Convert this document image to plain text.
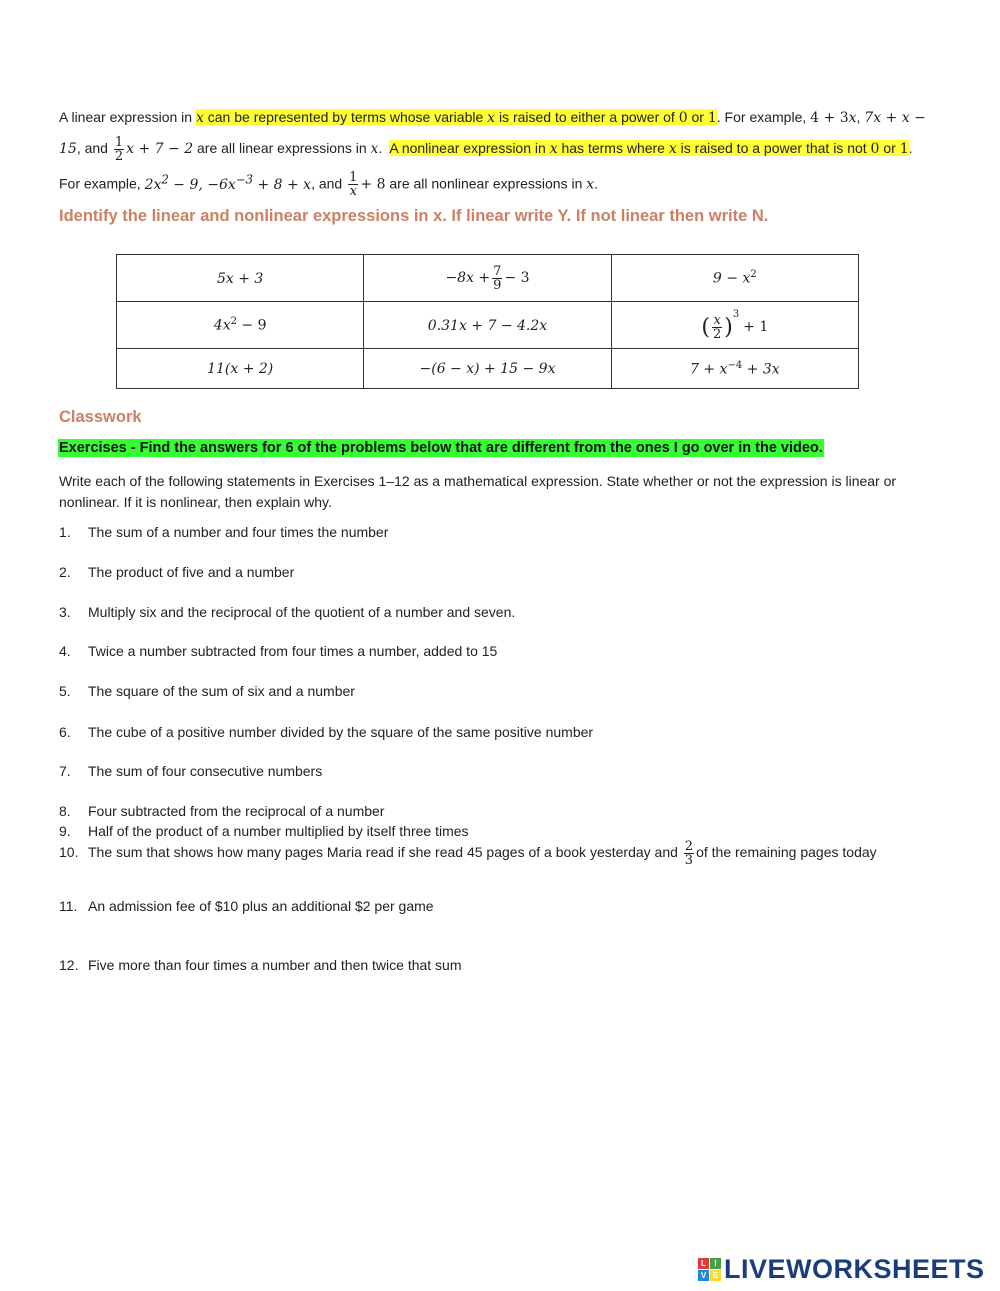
A linear expression in x can be represented by terms whose variable x is raised to either a power of 0 or 1. For example, 4 + 3x, 7x + x − 15, and $\frac{1}{2}$ x + 7 − 2 are all linear expressions in x. A nonlinear expression in x has terms where x is raised to a power that is not 0 or 1. For example, $2x^2 - 9$, $-6x^{-3} + 8 + x$, and $\frac{1}{x} + 8$ are all nonlinear expressions in x.
Identify the linear and nonlinear expressions in x. If linear write Y. If not linear then write N.
5x + 3	$-8x + \frac{7}{9} - 3$	$9 - x^2$
$4x^2 - 9$	0.31x + 7 − 4.2x	( $\frac{x}{2} )^3 + 1$
11(x + 2)	−(6 − x) + 15 − 9x	$7 + x^{-4} + 3x$
Classwork
Exercises - Find the answers for 6 of the problems below that are different from the ones I go over in the video.
Write each of the following statements in Exercises 1–12 as a mathematical expression. State whether or not the expression is linear or nonlinear. If it is nonlinear, then explain why.
1. The sum of a number and four times the number
2. The product of five and a number
3. Multiply six and the reciprocal of the quotient of a number and seven.
4. Twice a number subtracted from four times a number, added to 15
5. The square of the sum of six and a number
6. The cube of a positive number divided by the square of the same positive number
7. The sum of four consecutive numbers
8. Four subtracted from the reciprocal of a number
9. Half of the product of a number multiplied by itself three times
10. The sum that shows how many pages Maria read if she read 45 pages of a book yesterday and $\frac{2}{3}$ of the remaining pages today
11. An admission fee of $10 plus an additional $2 per game
12. Five more than four times a number and then twice that sum
L	I
V E LIVEWORKSHEETS
